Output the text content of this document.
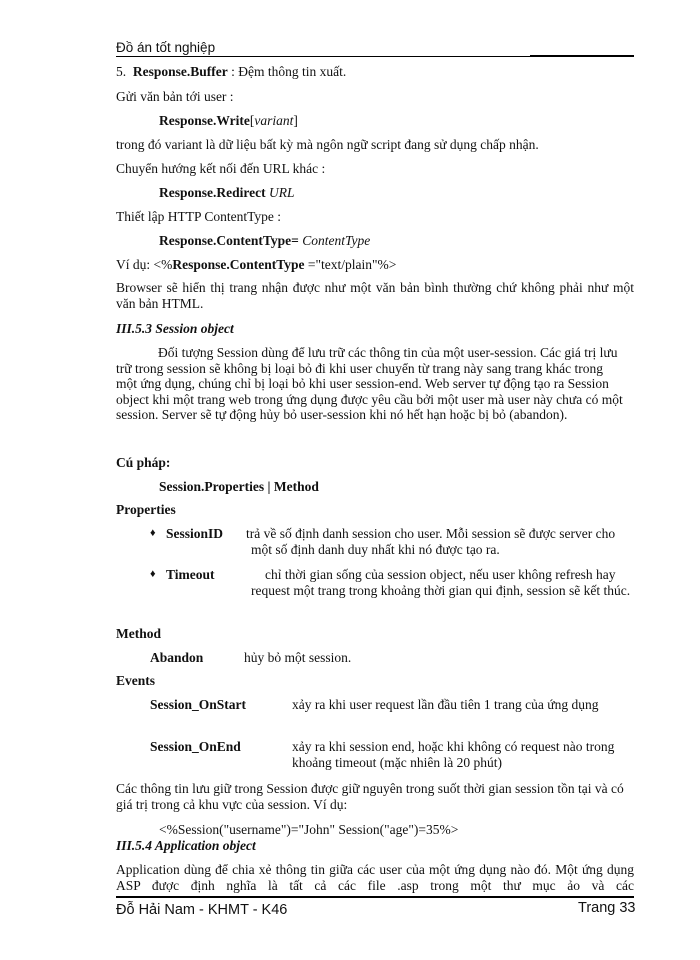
Đồ án tốt nghiệp
5. Response.Buffer : Đệm thông tin xuất.
Gửi văn bản tới user :
Response.Write[variant]
trong đó variant là dữ liệu bất kỳ mà ngôn ngữ script đang sử dụng chấp nhận.
Chuyển hướng kết nối đến URL khác :
Response.Redirect URL
Thiết lập HTTP ContentType :
Response.ContentType= ContentType
Ví dụ: <%Response.ContentType ="text/plain"%>
Browser sẽ hiển thị trang nhận được như một văn bản bình thường chứ không phải như một văn bản HTML.
III.5.3 Session object
Đối tượng Session dùng để lưu trữ các thông tin của một user-session. Các giá trị lưu trữ trong session sẽ không bị loại bỏ đi khi user chuyển từ trang này sang trang khác trong một ứng dụng, chúng chỉ bị loại bỏ khi user session-end. Web server tự động tạo ra Session object khi một trang web trong ứng dụng được yêu cầu bởi một user mà user này chưa có một session. Server sẽ tự động hủy bỏ user-session khi nó hết hạn hoặc bị bỏ (abandon).
Cú pháp:
Session.Properties | Method
Properties
♦ SessionID trả về số định danh session cho user. Mỗi session sẽ được server cho một số định danh duy nhất khi nó được tạo ra.
♦ Timeout	chỉ thời gian sống của session object, nếu user không refresh hay request một trang trong khoảng thời gian qui định, session sẽ kết thúc.
Method
Abandon	hủy bỏ một session.
Events
Session_OnStart	xảy ra khi user request lần đầu tiên 1 trang của ứng dụng
Session_OnEnd	xảy ra khi session end, hoặc khi không có request nào trong khoảng timeout (mặc nhiên là 20 phút)
Các thông tin lưu giữ trong Session được giữ nguyên trong suốt thời gian session tồn tại và có giá trị trong cả khu vực của session. Ví dụ:
<%Session("username")="John" Session("age")=35%>
III.5.4 Application object
Application dùng để chia xẻ thông tin giữa các user của một ứng dụng nào đó. Một ứng dụng ASP được định nghĩa là tất cả các file .asp trong một thư mục ảo và các
Đỗ Hải Nam - KHMT - K46	Trang 33
